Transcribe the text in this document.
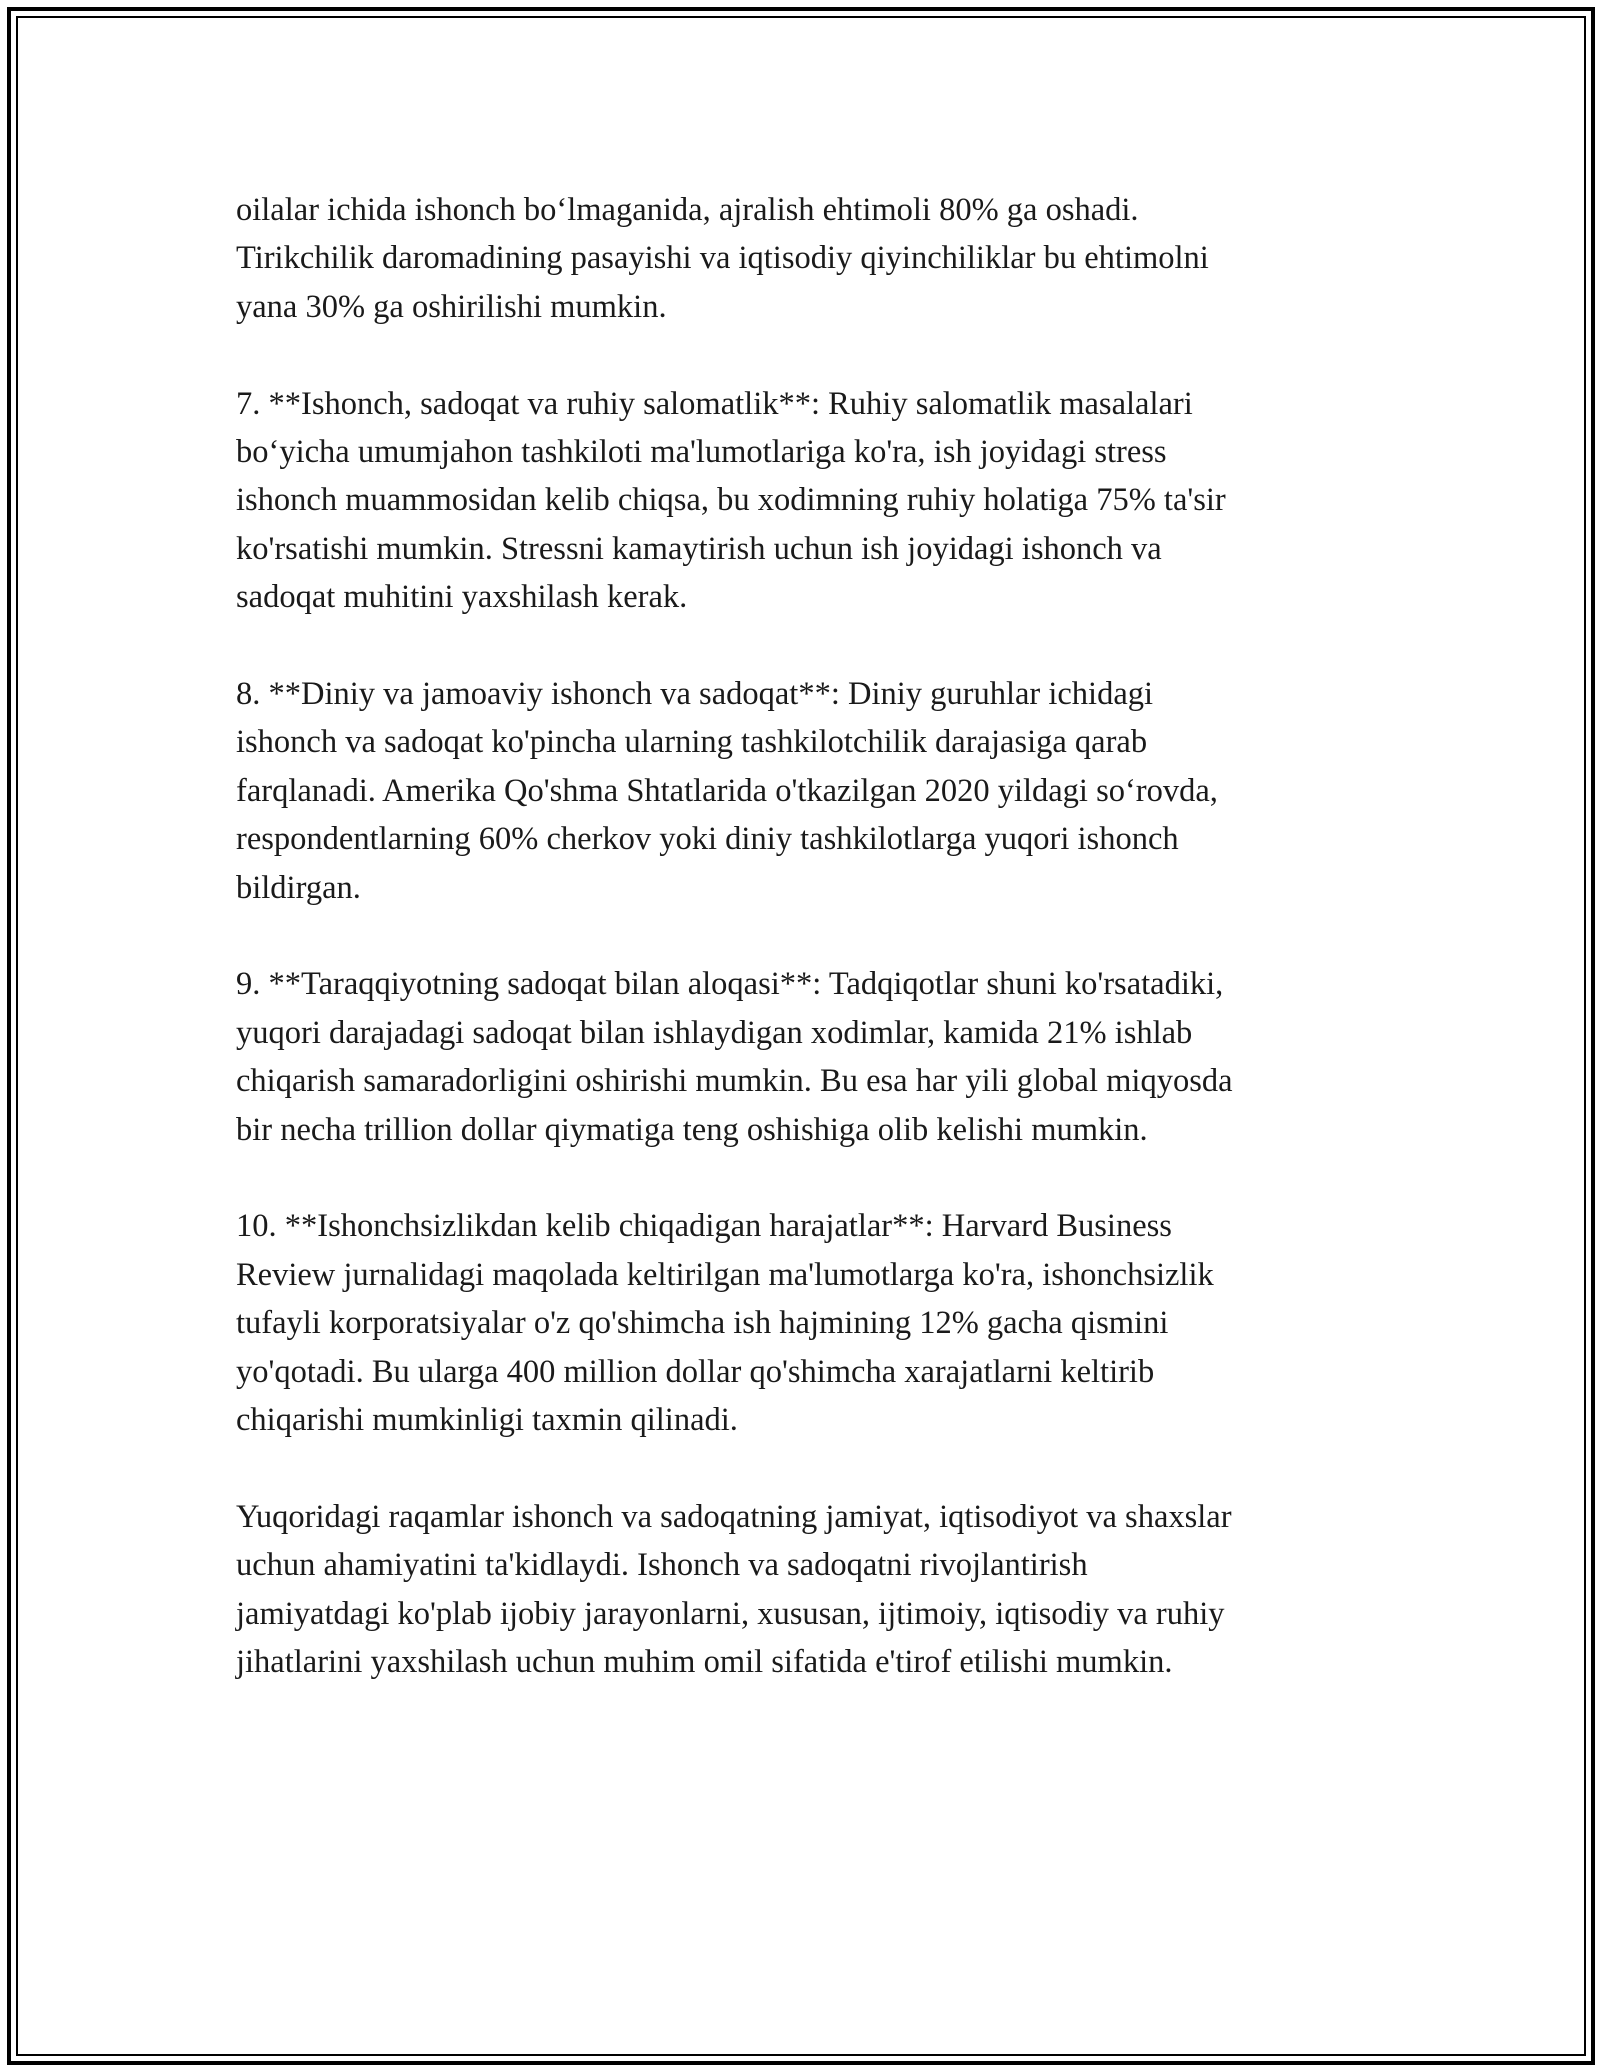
oilalar ichida ishonch bo‘lmaganida, ajralish ehtimoli 80% ga oshadi.
Tirikchilik daromadining pasayishi va iqtisodiy qiyinchiliklar bu ehtimolni
yana 30% ga oshirilishi mumkin.
7. **Ishonch, sadoqat va ruhiy salomatlik**: Ruhiy salomatlik masalalari
bo‘yicha umumjahon tashkiloti ma'lumotlariga ko'ra, ish joyidagi stress
ishonch muammosidan kelib chiqsa, bu xodimning ruhiy holatiga 75% ta'sir
ko'rsatishi mumkin. Stressni kamaytirish uchun ish joyidagi ishonch va
sadoqat muhitini yaxshilash kerak.
8. **Diniy va jamoaviy ishonch va sadoqat**: Diniy guruhlar ichidagi
ishonch va sadoqat ko'pincha ularning tashkilotchilik darajasiga qarab
farqlanadi. Amerika Qo'shma Shtatlarida o'tkazilgan 2020 yildagi so‘rovda,
respondentlarning 60% cherkov yoki diniy tashkilotlarga yuqori ishonch
bildirgan.
9. **Taraqqiyotning sadoqat bilan aloqasi**: Tadqiqotlar shuni ko'rsatadiki,
yuqori darajadagi sadoqat bilan ishlaydigan xodimlar, kamida 21% ishlab
chiqarish samaradorligini oshirishi mumkin. Bu esa har yili global miqyosda
bir necha trillion dollar qiymatiga teng oshishiga olib kelishi mumkin.
10. **Ishonchsizlikdan kelib chiqadigan harajatlar**: Harvard Business
Review jurnalidagi maqolada keltirilgan ma'lumotlarga ko'ra, ishonchsizlik
tufayli korporatsiyalar o'z qo'shimcha ish hajmining 12% gacha qismini
yo'qotadi. Bu ularga 400 million dollar qo'shimcha xarajatlarni keltirib
chiqarishi mumkinligi taxmin qilinadi.
Yuqoridagi raqamlar ishonch va sadoqatning jamiyat, iqtisodiyot va shaxslar
uchun ahamiyatini ta'kidlaydi. Ishonch va sadoqatni rivojlantirish
jamiyatdagi ko'plab ijobiy jarayonlarni, xususan, ijtimoiy, iqtisodiy va ruhiy
jihatlarini yaxshilash uchun muhim omil sifatida e'tirof etilishi mumkin.
